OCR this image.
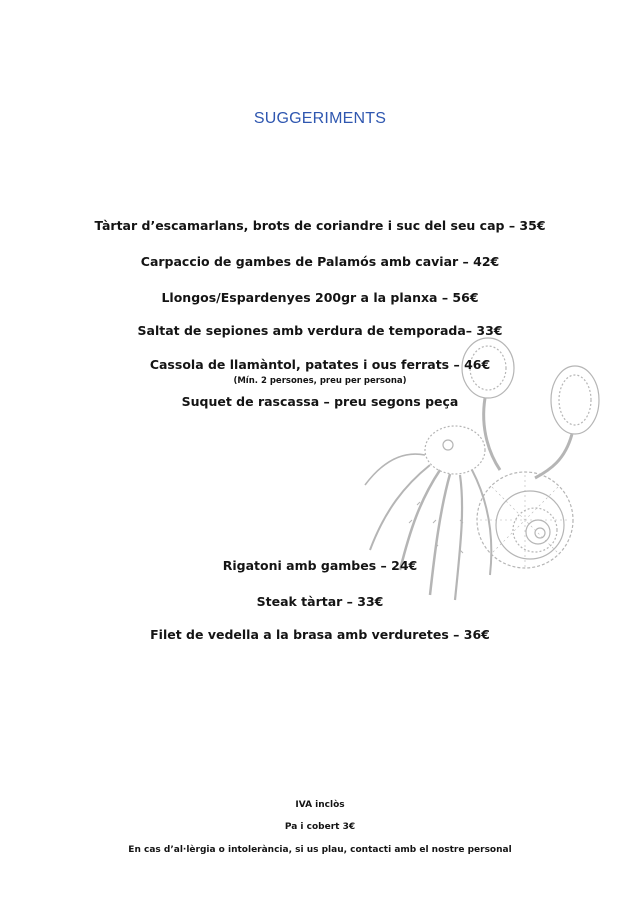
SUGGERIMENTS
Tàrtar d’escamarlans, brots de coriandre i suc del seu cap – 35€
Carpaccio de gambes de Palamós amb caviar – 42€
Llongos/Espardenyes 200gr a la planxa – 56€
Saltat de sepiones amb verdura de temporada– 33€
Cassola de llamàntol, patates i ous ferrats – 46€
(Mín. 2 persones, preu per persona)
Suquet de rascassa – preu segons peça
Rigatoni amb gambes – 24€
Steak tàrtar – 33€
Filet de vedella a la brasa amb verduretes – 36€
IVA inclòs
Pa i cobert 3€
En cas d’al·lèrgia o intolerància, si us plau, contacti amb el nostre personal
